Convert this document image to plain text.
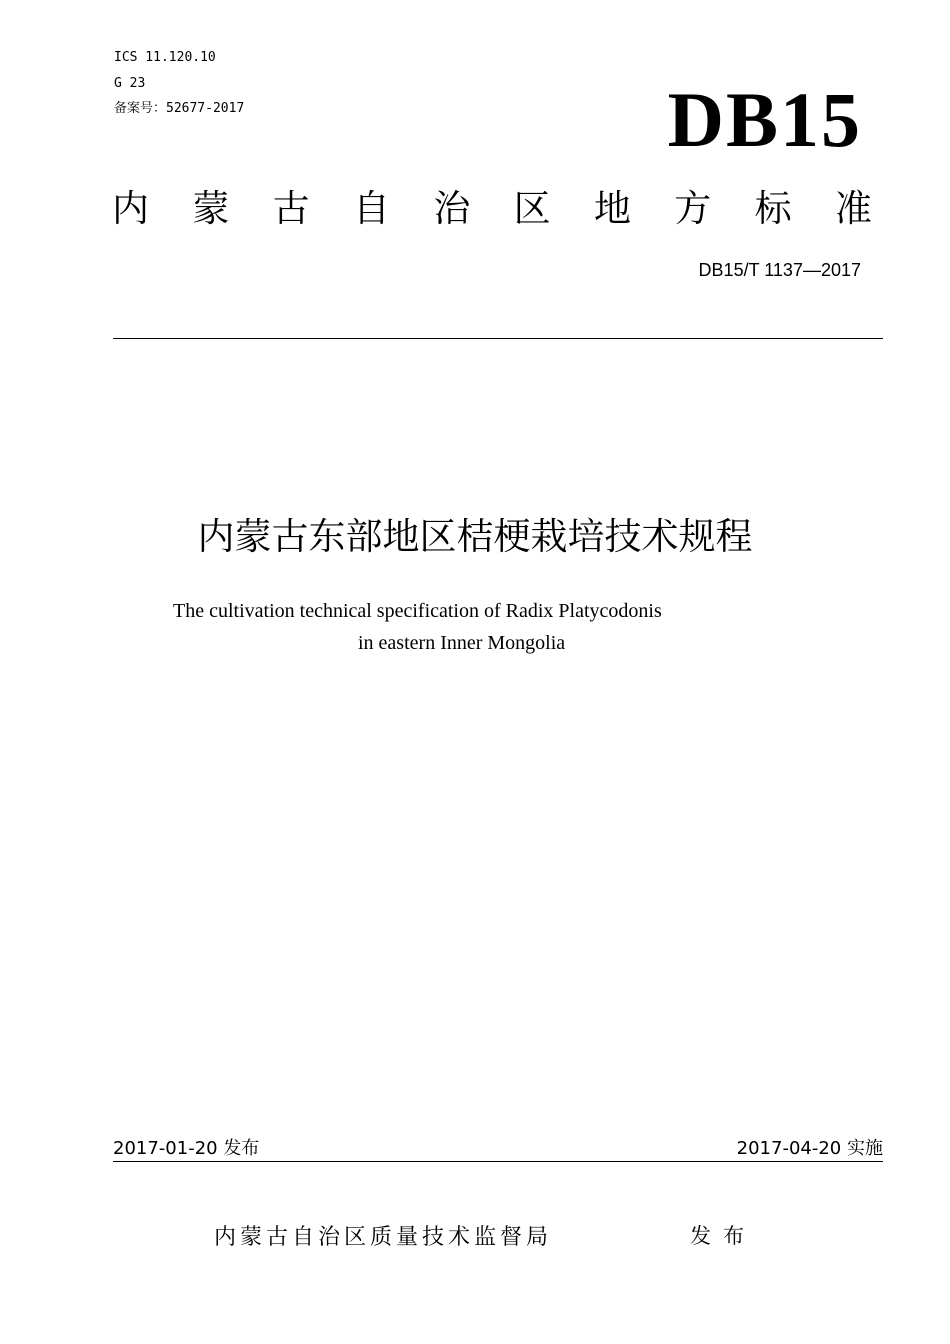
ICS 11.120.10
G 23
备案号：52677-2017	DB15
内 蒙 古 自 治 区 地 方 标 准
DB15/T 1137—2017
内蒙古东部地区桔梗栽培技术规程
The cultivation technical specification of Radix Platycodonis
in eastern Inner Mongolia
2017-01-20 发布	2017-04-20 实施
内蒙古自治区质量技术监督局	发布
